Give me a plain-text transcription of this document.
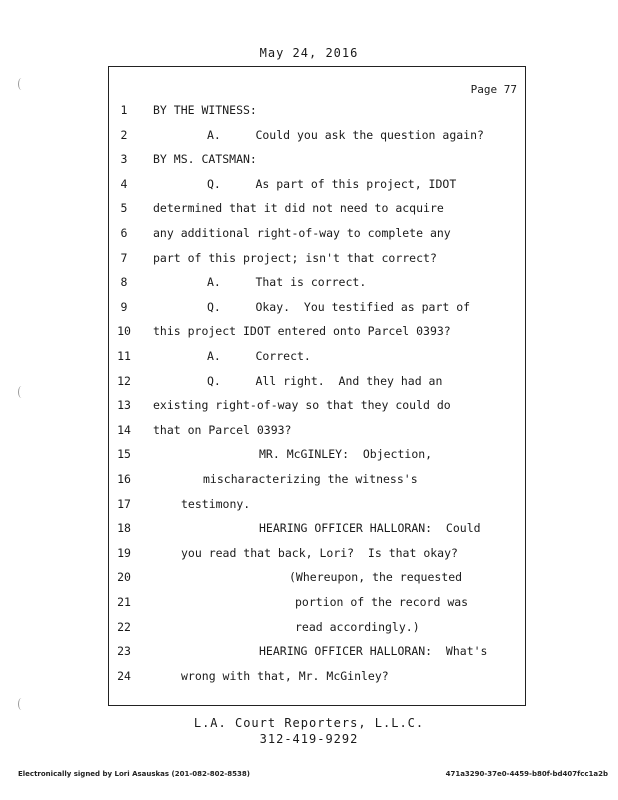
May 24, 2016
Page 77
1	BY THE WITNESS:
2	A.     Could you ask the question again?
3	BY MS. CATSMAN:
4	Q.     As part of this project, IDOT
5	determined that it did not need to acquire
6	any additional right-of-way to complete any
7	part of this project; isn't that correct?
8	A.     That is correct.
9	Q.     Okay.  You testified as part of
10	this project IDOT entered onto Parcel 0393?
11	A.     Correct.
12	Q.     All right.  And they had an
13	existing right-of-way so that they could do
14	that on Parcel 0393?
15	MR. McGINLEY:  Objection,
16	mischaracterizing the witness's
17	testimony.
18	HEARING OFFICER HALLORAN:  Could
19	you read that back, Lori?  Is that okay?
20	(Whereupon, the requested
21	portion of the record was
22	read accordingly.)
23	HEARING OFFICER HALLORAN:  What's
24	wrong with that, Mr. McGinley?
L.A. Court Reporters, L.L.C.
312-419-9292
Electronically signed by Lori Asauskas (201-082-802-8538)	471a3290-37e0-4459-b80f-bd407fcc1a2b
